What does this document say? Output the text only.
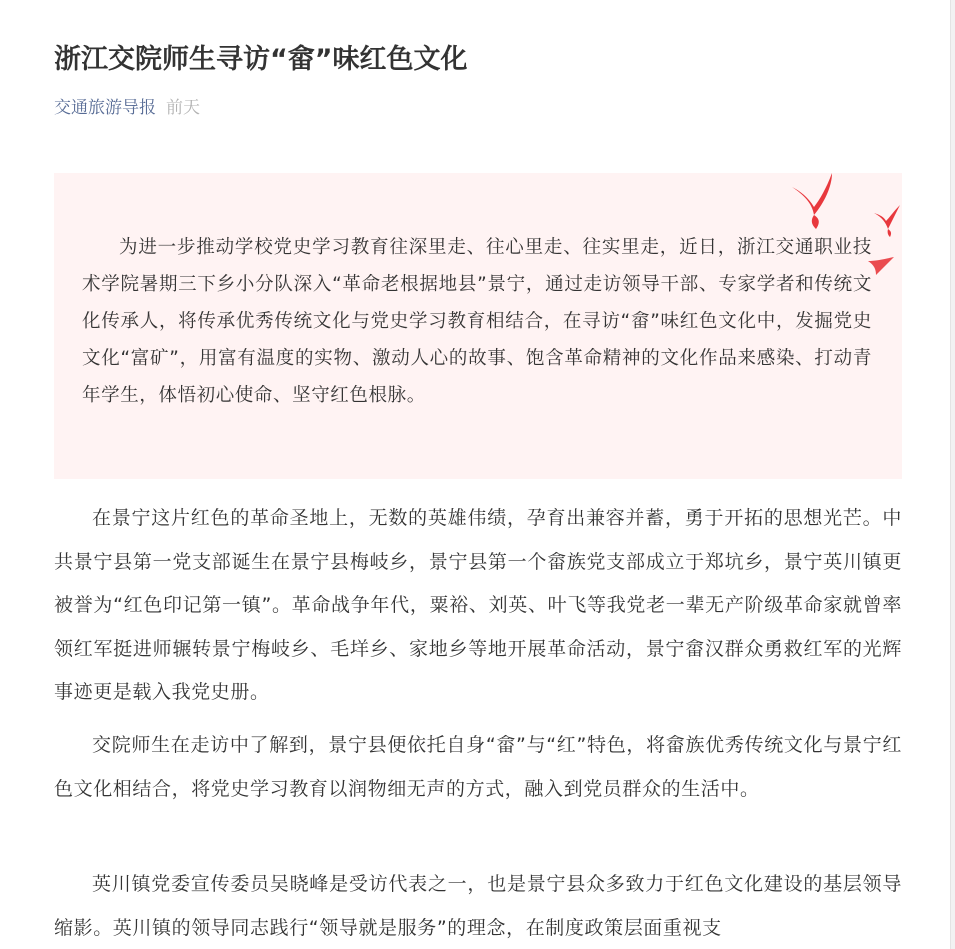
浙江交院师生寻访“畲”味红色文化
交通旅游导报 前天

为进一步推动学校党史学习教育往深里走、往心里走、往实里走，近日，浙江交通职业技术学院暑期三下乡小分队深入“革命老根据地县”景宁，通过走访领导干部、专家学者和传统文化传承人，将传承优秀传统文化与党史学习教育相结合，在寻访“畲”味红色文化中，发掘党史文化“富矿”，用富有温度的实物、激动人心的故事、饱含革命精神的文化作品来感染、打动青年学生，体悟初心使命、坚守红色根脉。

在景宁这片红色的革命圣地上，无数的英雄伟绩，孕育出兼容并蓄，勇于开拓的思想光芒。中共景宁县第一党支部诞生在景宁县梅岐乡，景宁县第一个畲族党支部成立于郑坑乡，景宁英川镇更被誉为“红色印记第一镇”。革命战争年代，粟裕、刘英、叶飞等我党老一辈无产阶级革命家就曾率领红军挺进师辗转景宁梅岐乡、毛垟乡、家地乡等地开展革命活动，景宁畲汉群众勇救红军的光辉事迹更是载入我党史册。

交院师生在走访中了解到，景宁县便依托自身“畲”与“红”特色，将畲族优秀传统文化与景宁红色文化相结合，将党史学习教育以润物细无声的方式，融入到党员群众的生活中。

英川镇党委宣传委员吴晓峰是受访代表之一，也是景宁县众多致力于红色文化建设的基层领导缩影。英川镇的领导同志践行“领导就是服务”的理念，在制度政策层面重视支
